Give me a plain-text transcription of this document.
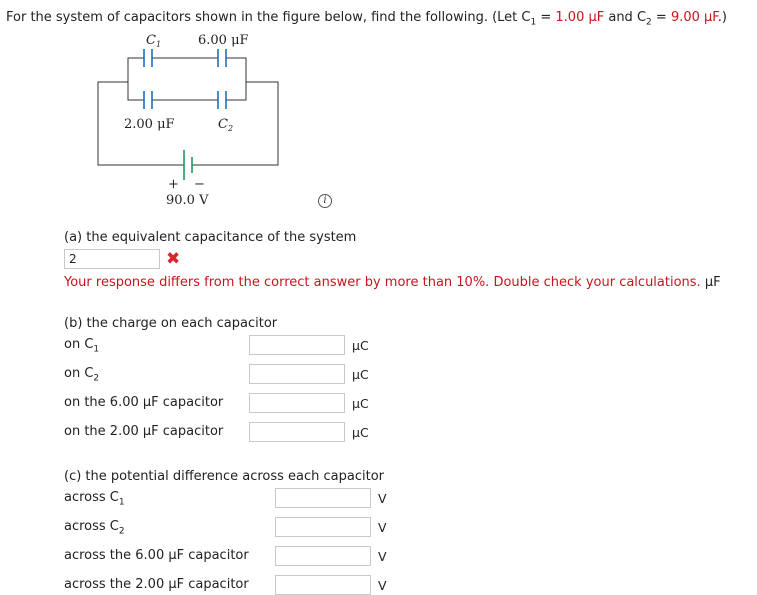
For the system of capacitors shown in the figure below, find the following. (Let $C_1 = 1.00$ μF and $C_2 = 9.00$ μF.)
$C_1$	6.00 μF
2.00 μF	$C_2$
+ −
90.0 V	i
(a) the equivalent capacitance of the system
2
✖
Your response differs from the correct answer by more than 10%. Double check your calculations. μF
(b) the charge on each capacitor
on $C_1$	μC
on $C_2$	μC
on the 6.00 μF capacitor	μC
on the 2.00 μF capacitor	μC
(c) the potential difference across each capacitor
across $C_1$	V
across $C_2$	V
across the 6.00 μF capacitor	V
across the 2.00 μF capacitor	V
